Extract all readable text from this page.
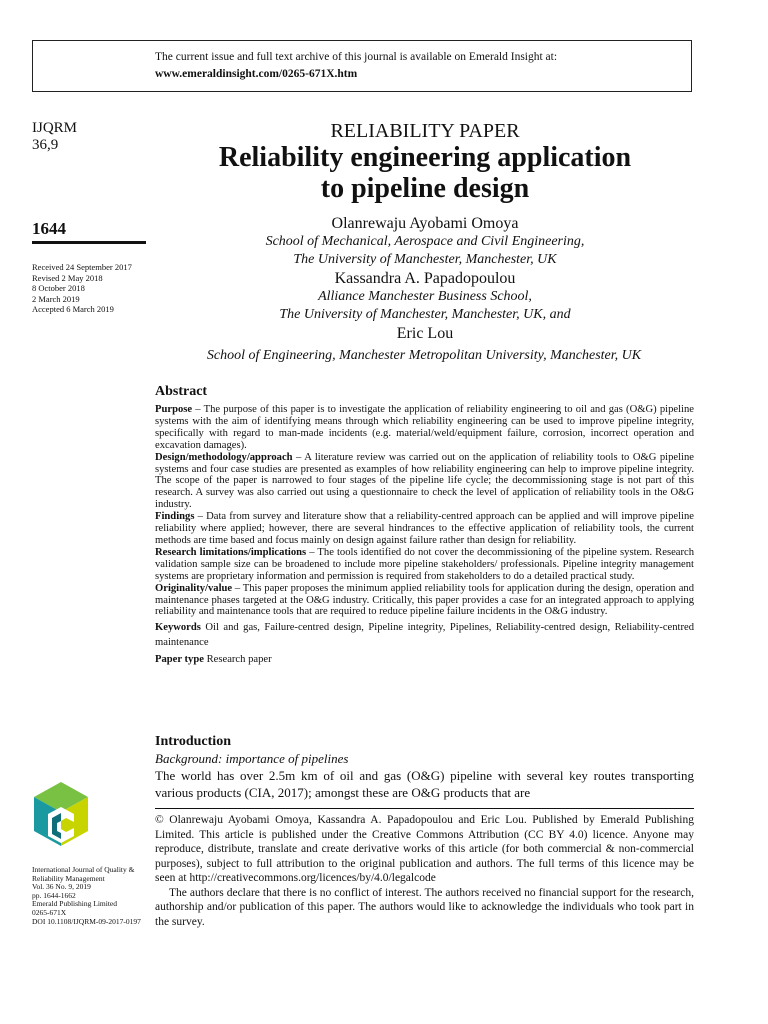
The current issue and full text archive of this journal is available on Emerald Insight at:
www.emeraldinsight.com/0265-671X.htm
IJQRM
36,9
1644
Received 24 September 2017
Revised 2 May 2018
8 October 2018
2 March 2019
Accepted 6 March 2019
International Journal of Quality &
Reliability Management
Vol. 36 No. 9, 2019
pp. 1644-1662
Emerald Publishing Limited
0265-671X
DOI 10.1108/IJQRM-09-2017-0197
RELIABILITY PAPER
Reliability engineering application
to pipeline design
Olanrewaju Ayobami Omoya
School of Mechanical, Aerospace and Civil Engineering,
The University of Manchester, Manchester, UK
Kassandra A. Papadopoulou
Alliance Manchester Business School,
The University of Manchester, Manchester, UK, and
Eric Lou
School of Engineering, Manchester Metropolitan University, Manchester, UK
Abstract

Purpose – The purpose of this paper is to investigate the application of reliability engineering to oil and gas (O&G) pipeline systems with the aim of identifying means through which reliability engineering can be used to improve pipeline integrity, specifically with regard to man-made incidents (e.g. material/weld/equipment failure, corrosion, incorrect operation and excavation damages).

Design/methodology/approach – A literature review was carried out on the application of reliability tools to O&G pipeline systems and four case studies are presented as examples of how reliability engineering can help to improve pipeline integrity. The scope of the paper is narrowed to four stages of the pipeline life cycle; the decommissioning stage is not part of this research. A survey was also carried out using a questionnaire to check the level of application of reliability tools in the O&G industry.

Findings – Data from survey and literature show that a reliability-centred approach can be applied and will improve pipeline reliability where applied; however, there are several hindrances to the effective application of reliability tools, the current methods are time based and focus mainly on design against failure rather than design for reliability.

Research limitations/implications – The tools identified do not cover the decommissioning of the pipeline system. Research validation sample size can be broadened to include more pipeline stakeholders/ professionals. Pipeline integrity management systems are proprietary information and permission is required from stakeholders to do a detailed practical study.

Originality/value – This paper proposes the minimum applied reliability tools for application during the design, operation and maintenance phases targeted at the O&G industry. Critically, this paper provides a case for an integrated approach to applying reliability and maintenance tools that are required to reduce pipeline failure incidents in the O&G industry.

Keywords Oil and gas, Failure-centred design, Pipeline integrity, Pipelines, Reliability-centred design, Reliability-centred maintenance

Paper type Research paper

Introduction
Background: importance of pipelines
The world has over 2.5m km of oil and gas (O&G) pipeline with several key routes transporting various products (CIA, 2017); amongst these are O&G products that are

© Olanrewaju Ayobami Omoya, Kassandra A. Papadopoulou and Eric Lou. Published by Emerald Publishing Limited. This article is published under the Creative Commons Attribution (CC BY 4.0) licence. Anyone may reproduce, distribute, translate and create derivative works of this article (for both commercial & non-commercial purposes), subject to full attribution to the original publication and authors. The full terms of this licence may be seen at http://creativecommons.org/licences/by/4.0/legalcode

The authors declare that there is no conflict of interest. The authors received no financial support for the research, authorship and/or publication of this paper. The authors would like to acknowledge the individuals who took part in the survey.
